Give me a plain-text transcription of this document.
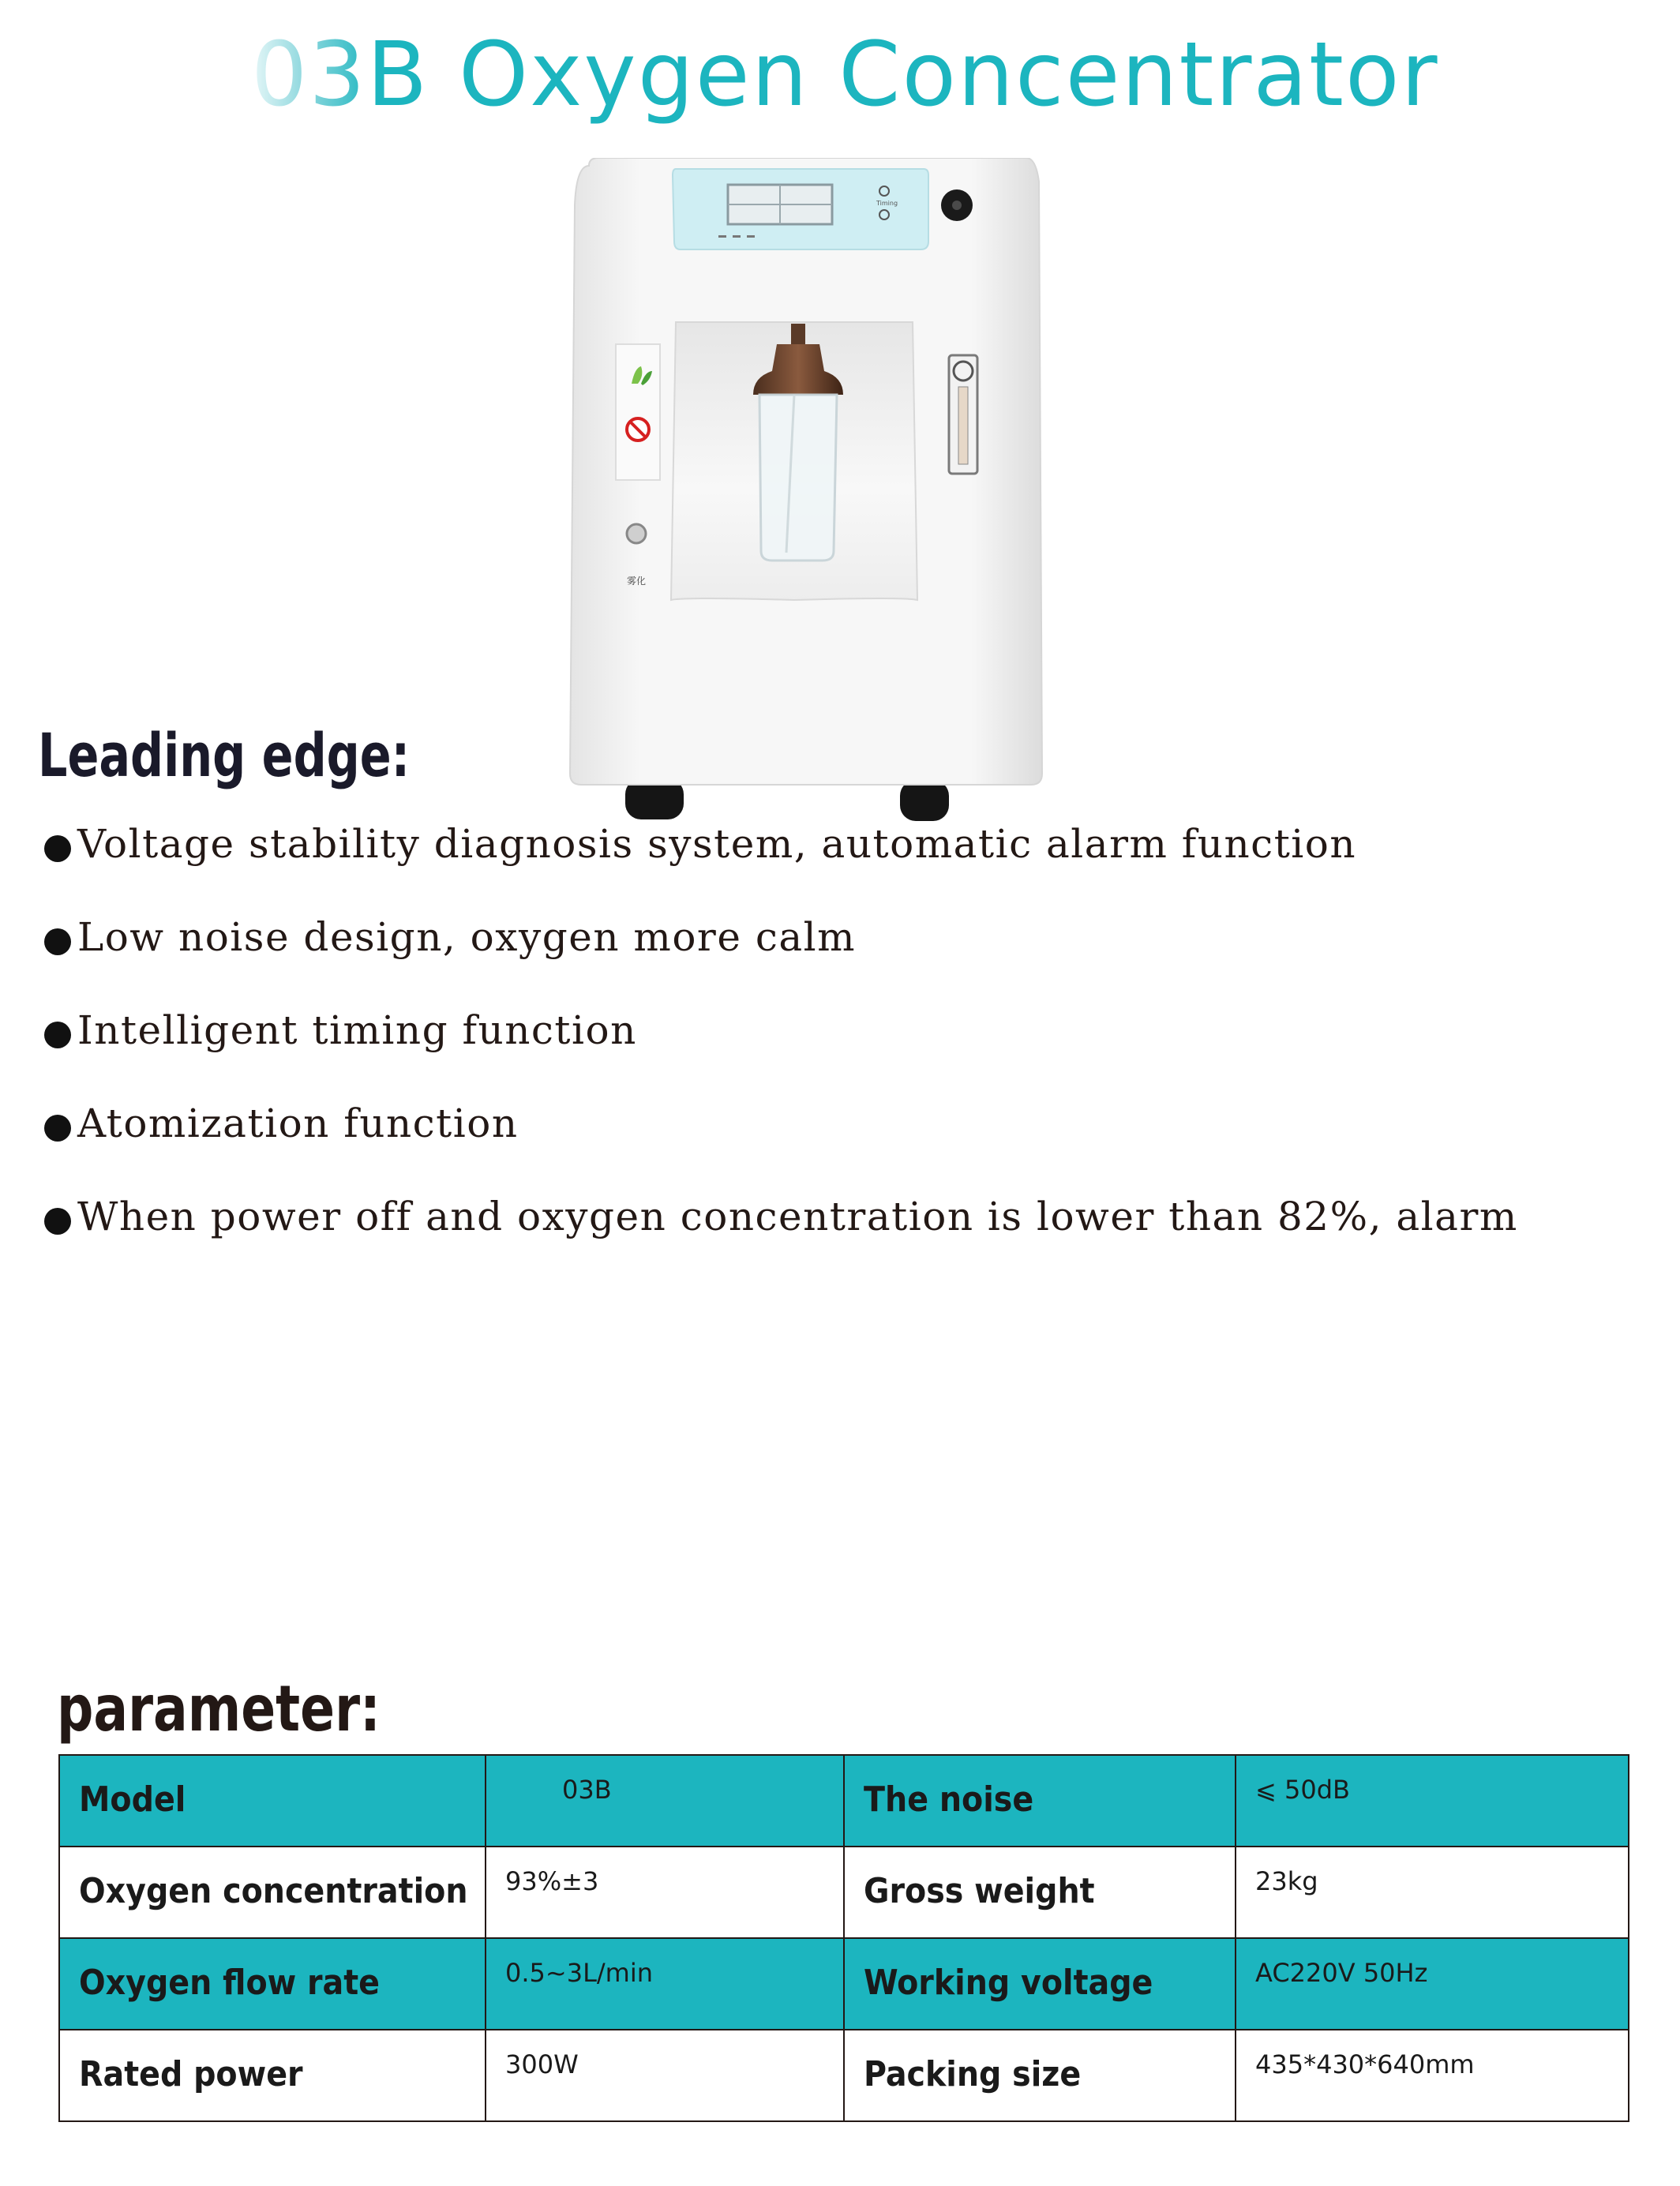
03B Oxygen Concentrator
Timing
雾化
Leading edge:
Voltage stability diagnosis system, automatic alarm function
Low noise design, oxygen more calm
Intelligent timing function
Atomization function
When power off and oxygen concentration is lower than 82%, alarm
parameter:
Model	03B	The noise	⩽ 50dB

Oxygen concentration	93%±3	Gross weight	23kg

Oxygen flow rate	0.5~3L/min	Working voltage	AC220V 50Hz

Rated power	300W	Packing size	435*430*640mm
